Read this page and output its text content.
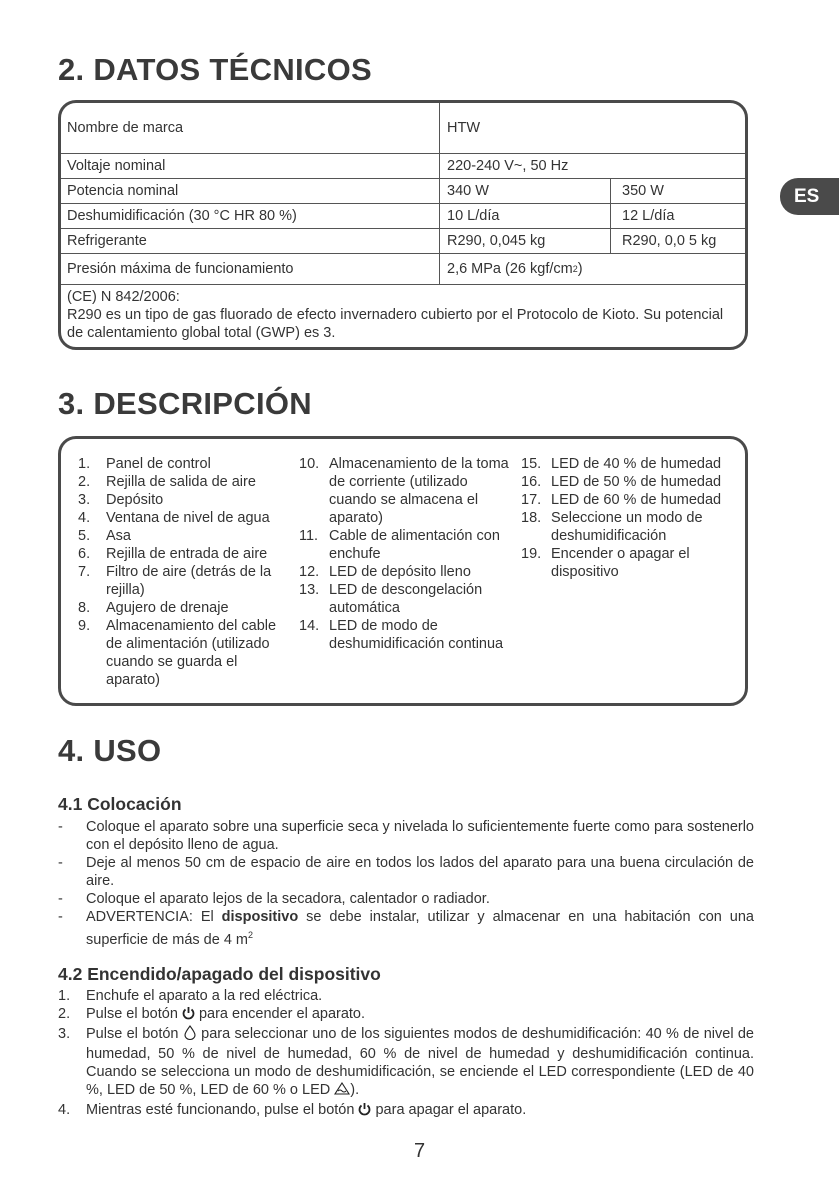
2. DATOS TÉCNICOS
ES
Nombre de marca	HTW
Voltaje nominal	220-240 V~, 50 Hz
Potencia nominal	340 W	350 W
Deshumidificación (30 °C HR 80 %)	10 L/día	12 L/día
Refrigerante	R290, 0,045 kg	R290, 0,0 5 kg
Presión máxima de funcionamiento	2,6 MPa (26 kgf/cm 2 )
(CE) N 842/2006:
R290 es un tipo de gas fluorado de efecto invernadero cubierto por el Protocolo de Kioto. Su potencial de calentamiento global total (GWP) es 3.
3. DESCRIPCIÓN
1. Panel de control
2. Rejilla de salida de aire
3. Depósito
4. Ventana de nivel de agua
5. Asa
6. Rejilla de entrada de aire
7. Filtro de aire (detrás de la rejilla)
8. Agujero de drenaje
9. Almacenamiento del cable de alimentación (utilizado cuando se guarda el aparato)
10. Almacenamiento de la toma de corriente (utilizado cuando se almacena el aparato)
11. Cable de alimentación con enchufe
12. LED de depósito lleno
13. LED de descongelación automática
14. LED de modo de deshumidificación continua
15. LED de 40 % de humedad
16. LED de 50 % de humedad
17. LED de 60 % de humedad
18. Seleccione un modo de deshumidificación
19. Encender o apagar el dispositivo
4. USO
4.1 Colocación
- Coloque el aparato sobre una superficie seca y nivelada lo suficientemente fuerte como para sostenerlo con el depósito lleno de agua.
- Deje al menos 50 cm de espacio de aire en todos los lados del aparato para una buena circulación de aire.
- Coloque el aparato lejos de la secadora, calentador o radiador.
- ADVERTENCIA: El dispositivo se debe instalar, utilizar y almacenar en una habitación con una superficie de más de 4 $m^2$
4.2 Encendido/apagado del dispositivo
1. Enchufe el aparato a la red eléctrica.
2. Pulse el botón  para encender el aparato.
3. Pulse el botón  para seleccionar uno de los siguientes modos de deshumidificación: 40 % de nivel de humedad, 50 % de nivel de humedad, 60 % de nivel de humedad y deshumidificación continua. Cuando se selecciona un modo de deshumidificación, se enciende el LED correspondiente (LED de 40 %, LED de 50 %, LED de 60 % o LED ).
4. Mientras esté funcionando, pulse el botón  para apagar el aparato.
7
